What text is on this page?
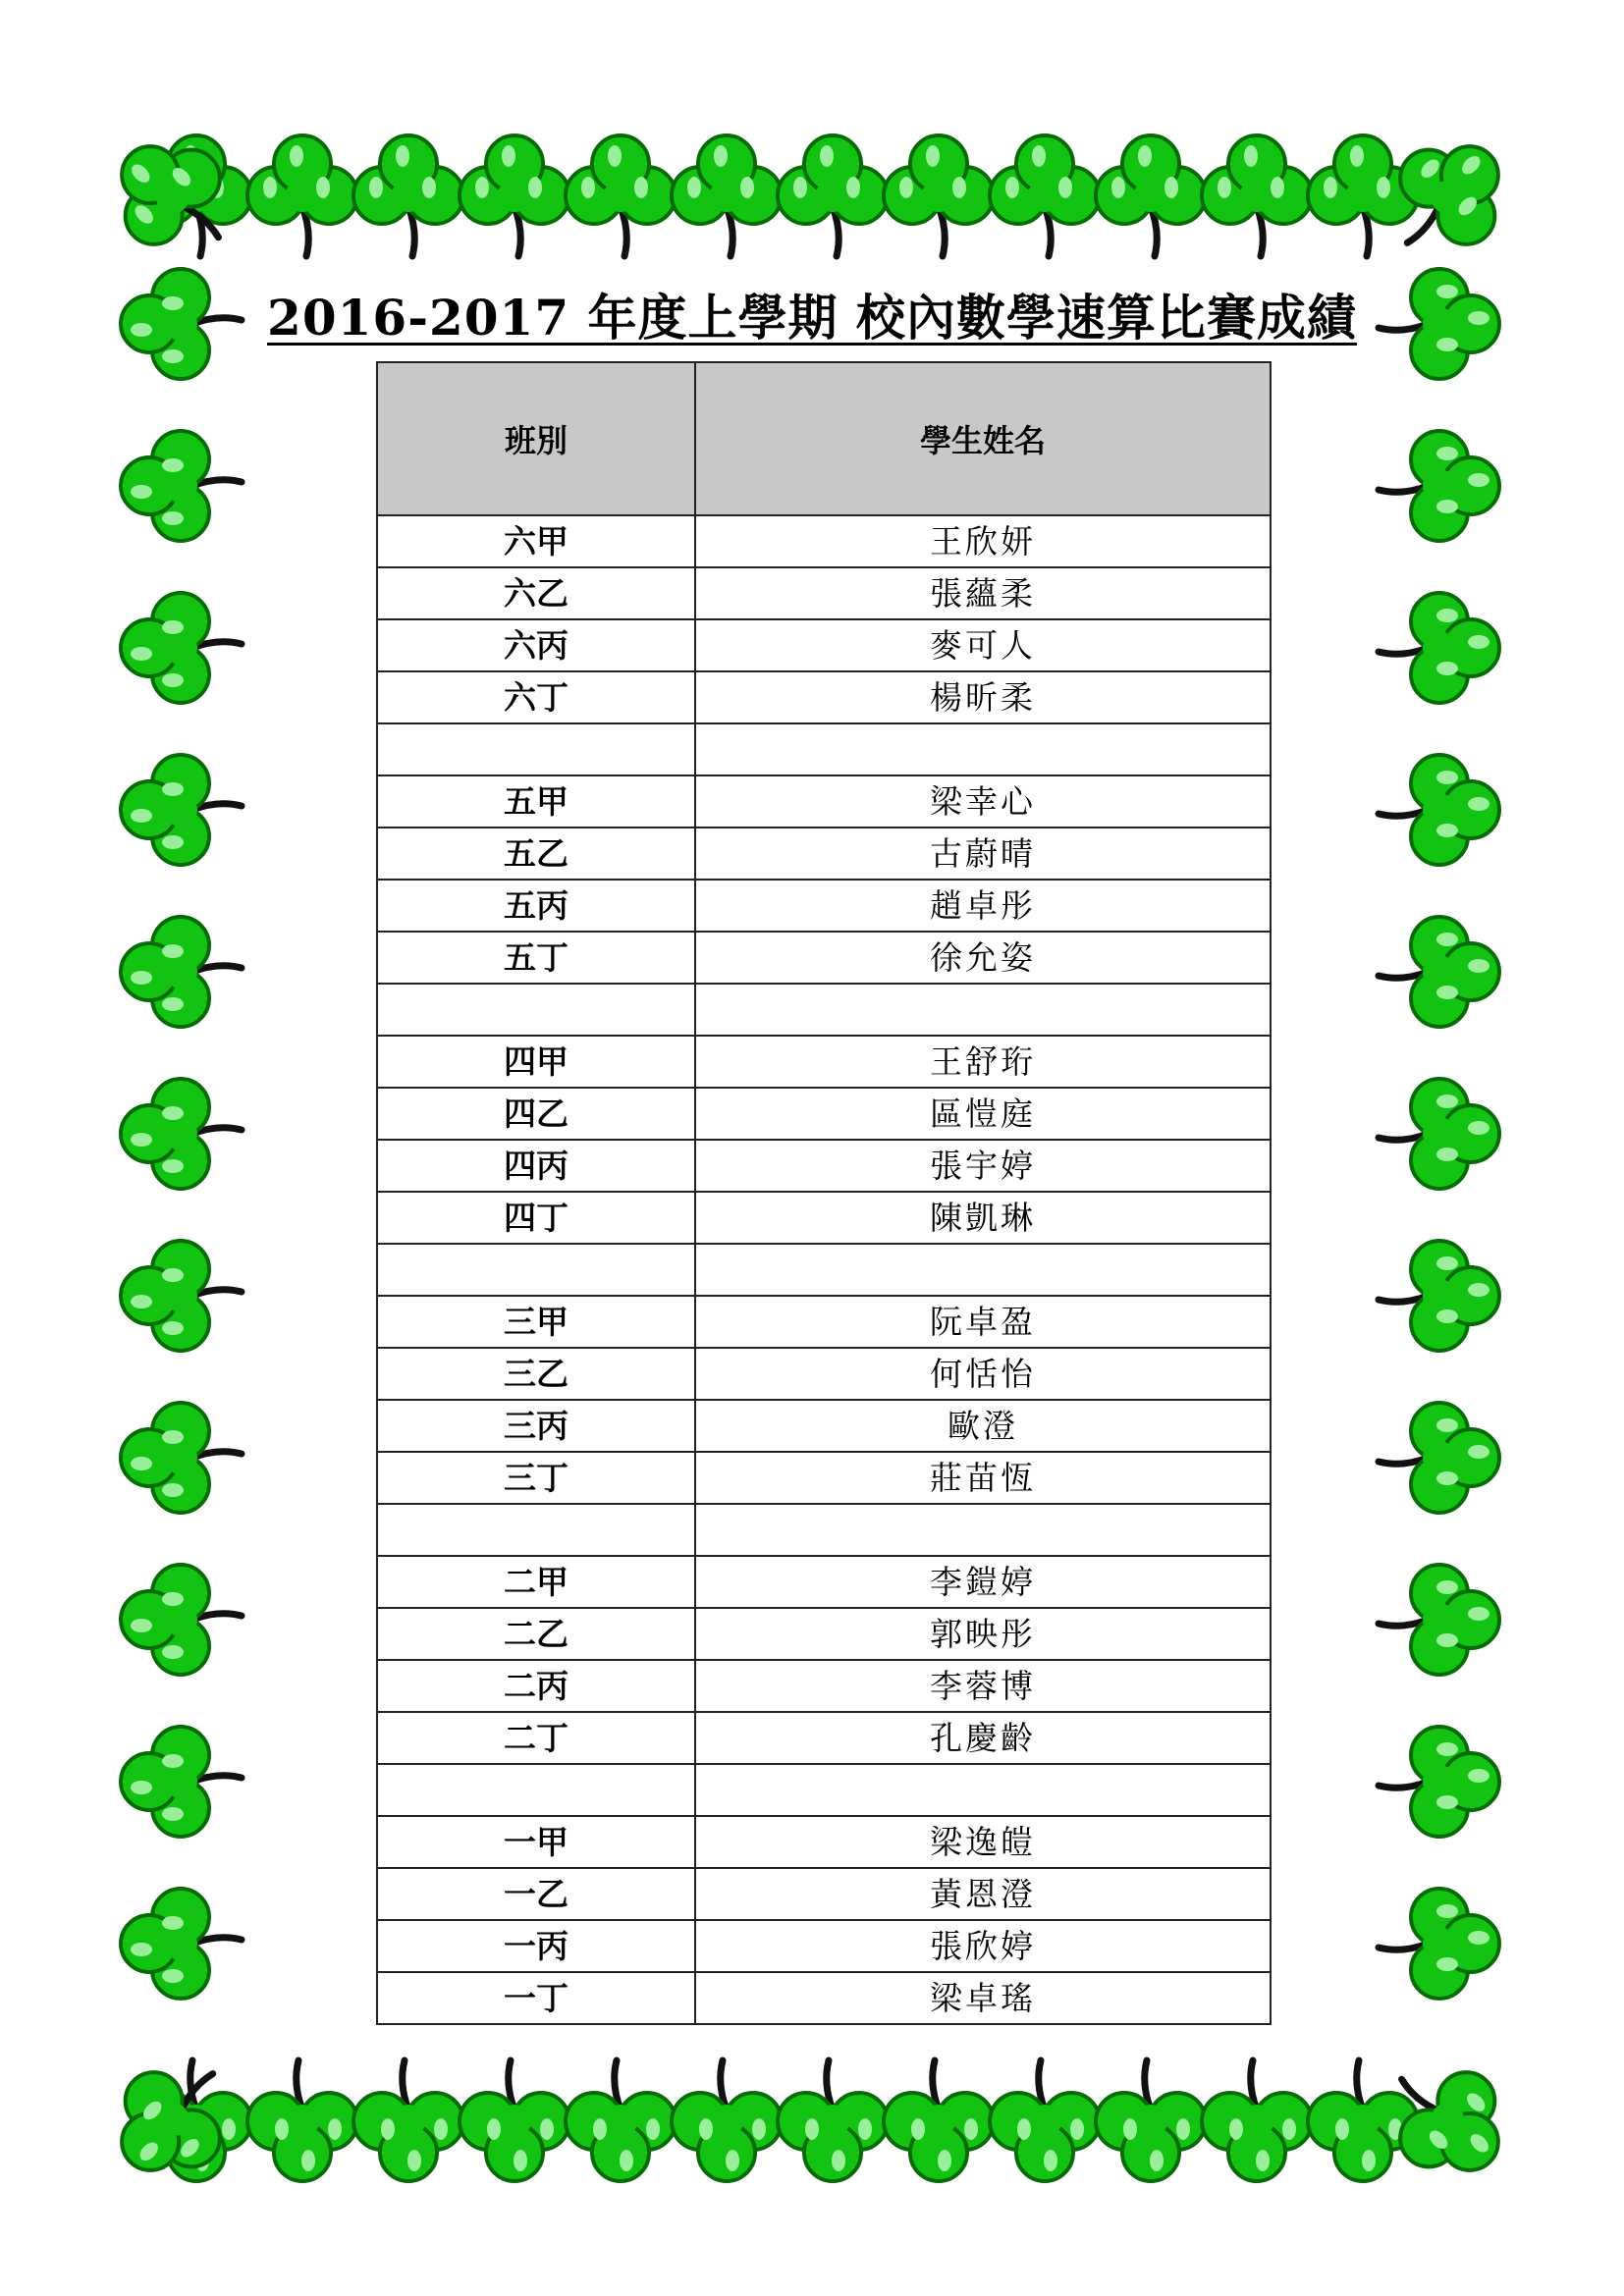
2016-2017 年度上學期 校內數學速算比賽成績
班別	學生姓名
六甲	王欣妍
六乙	張蘊柔
六丙	麥可人
六丁	楊昕柔

五甲	梁幸心
五乙	古蔚晴
五丙	趙卓彤
五丁	徐允姿

四甲	王舒珩
四乙	區愷庭
四丙	張宇婷
四丁	陳凱琳

三甲	阮卓盈
三乙	何恬怡
三丙	歐澄
三丁	莊苗恆

二甲	李鎧婷
二乙	郭映彤
二丙	李蓉博
二丁	孔慶齡

一甲	梁逸皚
一乙	黃恩澄
一丙	張欣婷
一丁	梁卓瑤
